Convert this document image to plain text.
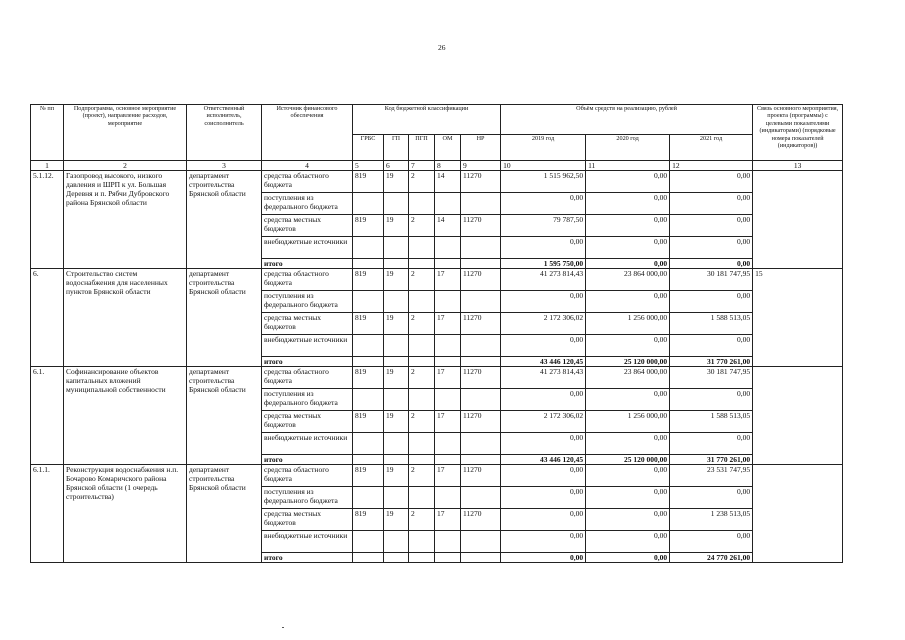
26
№ пп	Подпрограмма, основное мероприятие (проект), направление расходов, мероприятие	Ответственный исполнитель, соисполнитель	Источник финансового обеспечения	Код бюджетной классификации					Объём средств на реализацию, рублей			Связь основного мероприятия, проекта (программы) с целевыми показателями (индикаторами) (порядковые номера показателей (индикаторов))
				ГРБС	ГП	ПГП	ОМ	НР	2019 год	2020 год	2021 год	
1	2	3	4	5	6	7	8	9	10	11	12	13
5.1.12.	Газопровод высокого, низкого давления и ШРП к ул. Большая Деревня и п. Рябчи Дубровского района Брянской области	департамент строительства Брянской области	средства областного бюджета	819	19	2	14	11270	1 515 962,50	0,00	0,00	
			поступления из федерального бюджета						0,00	0,00	0,00	
			средства местных бюджетов	819	19	2	14	11270	79 787,50	0,00	0,00	
			внебюджетные источники						0,00	0,00	0,00	
			итого						1 595 750,00	0,00	0,00	
6.	Строительство систем водоснабжения для населенных пунктов Брянской области	департамент строительства Брянской области	средства областного бюджета	819	19	2	17	11270	41 273 814,43	23 864 000,00	30 181 747,95	15
			поступления из федерального бюджета						0,00	0,00	0,00	
			средства местных бюджетов	819	19	2	17	11270	2 172 306,02	1 256 000,00	1 588 513,05	
			внебюджетные источники						0,00	0,00	0,00	
			итого						43 446 120,45	25 120 000,00	31 770 261,00	
6.1.	Софинансирование объектов капитальных вложений муниципальной собственности	департамент строительства Брянской области	средства областного бюджета	819	19	2	17	11270	41 273 814,43	23 864 000,00	30 181 747,95	
			поступления из федерального бюджета						0,00	0,00	0,00	
			средства местных бюджетов	819	19	2	17	11270	2 172 306,02	1 256 000,00	1 588 513,05	
			внебюджетные источники						0,00	0,00	0,00	
			итого						43 446 120,45	25 120 000,00	31 770 261,00	
6.1.1.	Реконструкция водоснабжения н.п. Бочарово Комаричского района Брянской области (1 очередь строительства)	департамент строительства Брянской области	средства областного бюджета	819	19	2	17	11270	0,00	0,00	23 531 747,95	
			поступления из федерального бюджета						0,00	0,00	0,00	
			средства местных бюджетов	819	19	2	17	11270	0,00	0,00	1 238 513,05	
			внебюджетные источники						0,00	0,00	0,00	
			итого						0,00	0,00	24 770 261,00	
